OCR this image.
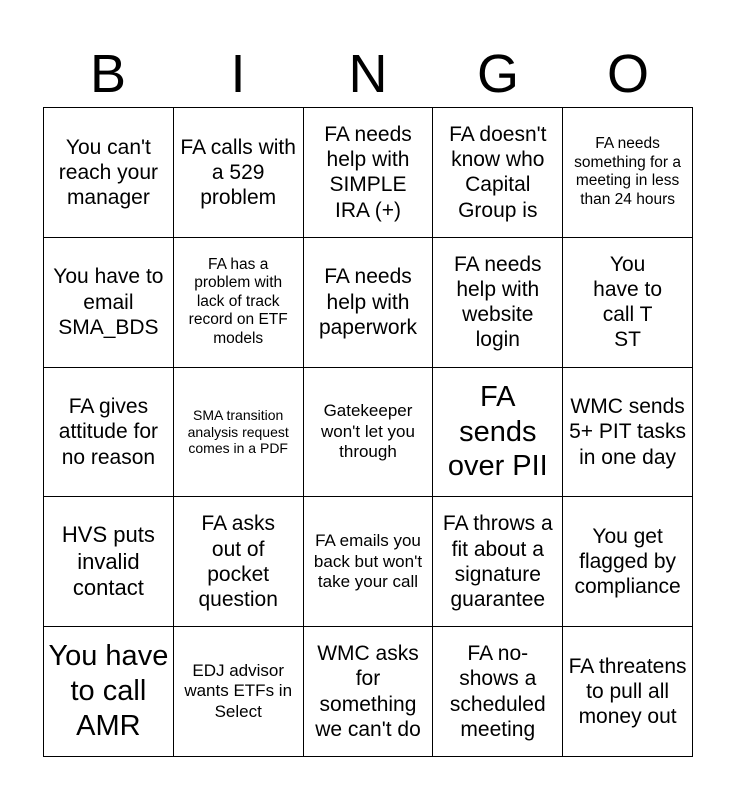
B	I	N	G	O
You can't reach your manager
FA calls with a 529 problem
FA needs help with SIMPLE IRA (+)
FA doesn't know who Capital Group is
FA needs something for a meeting in less than 24 hours
You have to email SMA_BDS
FA has a problem with lack of track record on ETF models
FA needs help with paperwork
FA needs help with website login
You have to call T ST
FA gives attitude for no reason
SMA transition analysis request comes in a PDF
Gatekeeper won't let you through
FA sends over PII
WMC sends 5+ PIT tasks in one day
HVS puts invalid contact
FA asks out of pocket question
FA emails you back but won't take your call
FA throws a fit about a signature guarantee
You get flagged by compliance
You have to call AMR
EDJ advisor wants ETFs in Select
WMC asks for something we can't do
FA no-shows a scheduled meeting
FA threatens to pull all money out
